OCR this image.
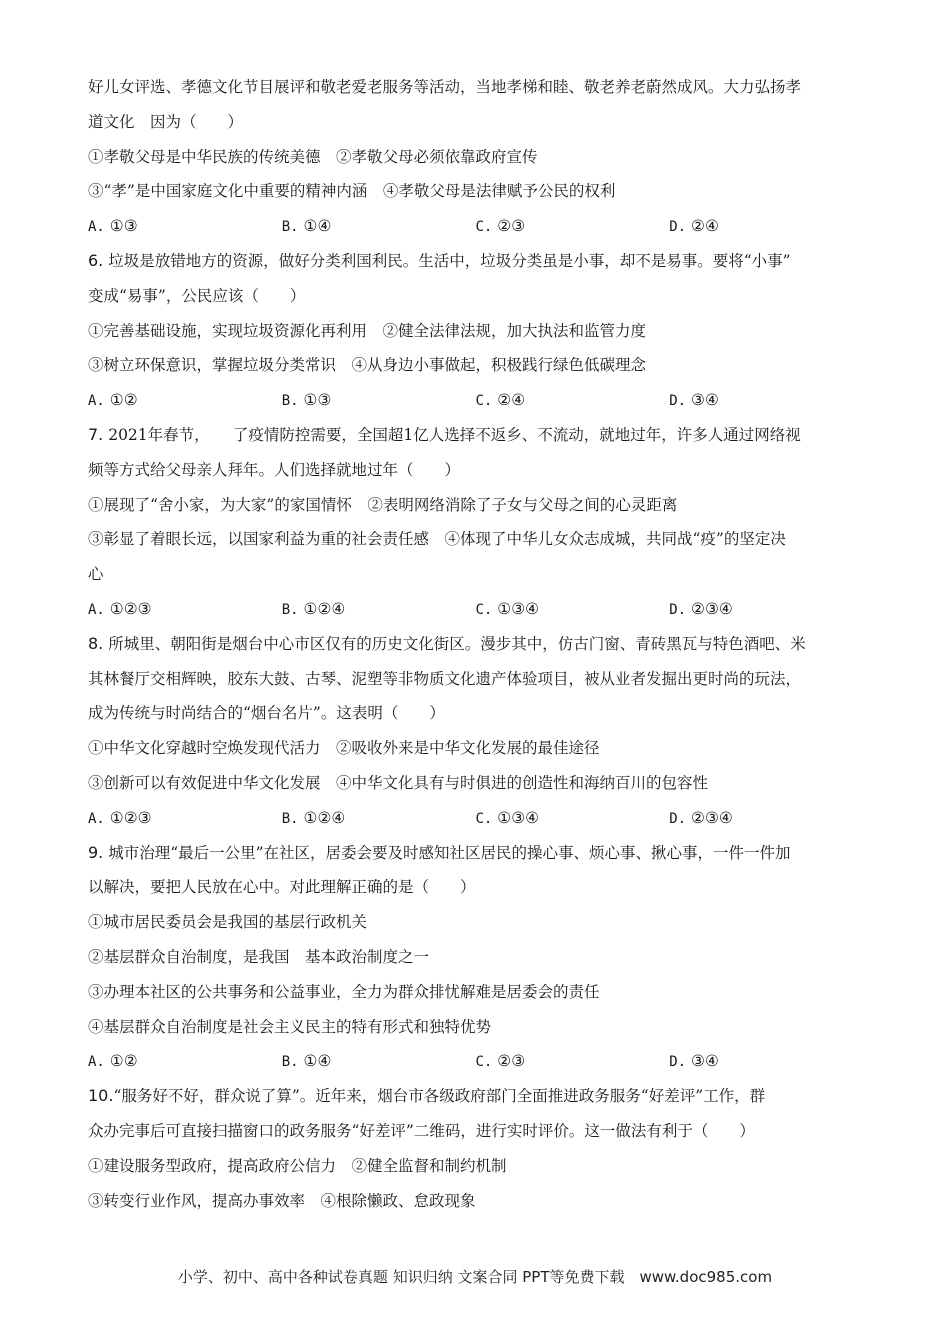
好儿女评选、孝德文化节目展评和敬老爱老服务等活动，当地孝梯和睦、敬老养老蔚然成风。大力弘扬孝
道文化　因为（　　）
①孝敬父母是中华民族的传统美德　②孝敬父母必须依靠政府宣传
③“孝”是中国家庭文化中重要的精神内涵　④孝敬父母是法律赋予公民的权利
A. ①③	B. ①④	C. ②③	D. ②④
6. 垃圾是放错地方的资源，做好分类利国利民。生活中，垃圾分类虽是小事，却不是易事。要将“小事”
变成“易事”，公民应该（　　）
①完善基础设施，实现垃圾资源化再利用　②健全法律法规，加大执法和监管力度
③树立环保意识，掌握垃圾分类常识　④从身边小事做起，积极践行绿色低碳理念
A. ①②	B. ①③	C. ②④	D. ③④
7. 2021年春节，　　了疫情防控需要，全国超1亿人选择不返乡、不流动，就地过年，许多人通过网络视
频等方式给父母亲人拜年。人们选择就地过年（　　）
①展现了“舍小家，为大家”的家国情怀　②表明网络消除了子女与父母之间的心灵距离
③彰显了着眼长远，以国家利益为重的社会责任感　④体现了中华儿女众志成城，共同战“疫”的坚定决
心
A. ①②③	B. ①②④	C. ①③④	D. ②③④
8. 所城里、朝阳街是烟台中心市区仅有的历史文化街区。漫步其中，仿古门窗、青砖黑瓦与特色酒吧、米
其林餐厅交相辉映，胶东大鼓、古琴、泥塑等非物质文化遗产体验项目，被从业者发掘出更时尚的玩法，
成为传统与时尚结合的“烟台名片”。这表明（　　）
①中华文化穿越时空焕发现代活力　②吸收外来是中华文化发展的最佳途径
③创新可以有效促进中华文化发展　④中华文化具有与时俱进的创造性和海纳百川的包容性
A. ①②③	B. ①②④	C. ①③④	D. ②③④
9. 城市治理“最后一公里”在社区，居委会要及时感知社区居民的操心事、烦心事、揪心事，一件一件加
以解决，要把人民放在心中。对此理解正确的是（　　）
①城市居民委员会是我国的基层行政机关
②基层群众自治制度，是我国　基本政治制度之一
③办理本社区的公共事务和公益事业，全力为群众排忧解难是居委会的责任
④基层群众自治制度是社会主义民主的特有形式和独特优势
A. ①②	B. ①④	C. ②③	D. ③④
10.“服务好不好，群众说了算”。近年来，烟台市各级政府部门全面推进政务服务“好差评”工作，群
众办完事后可直接扫描窗口的政务服务“好差评”二维码，进行实时评价。这一做法有利于（　　）
①建设服务型政府，提高政府公信力　②健全监督和制约机制
③转变行业作风，提高办事效率　④根除懒政、怠政现象
小学、初中、高中各种试卷真题 知识归纳 文案合同 PPT等免费下载　www.doc985.com
